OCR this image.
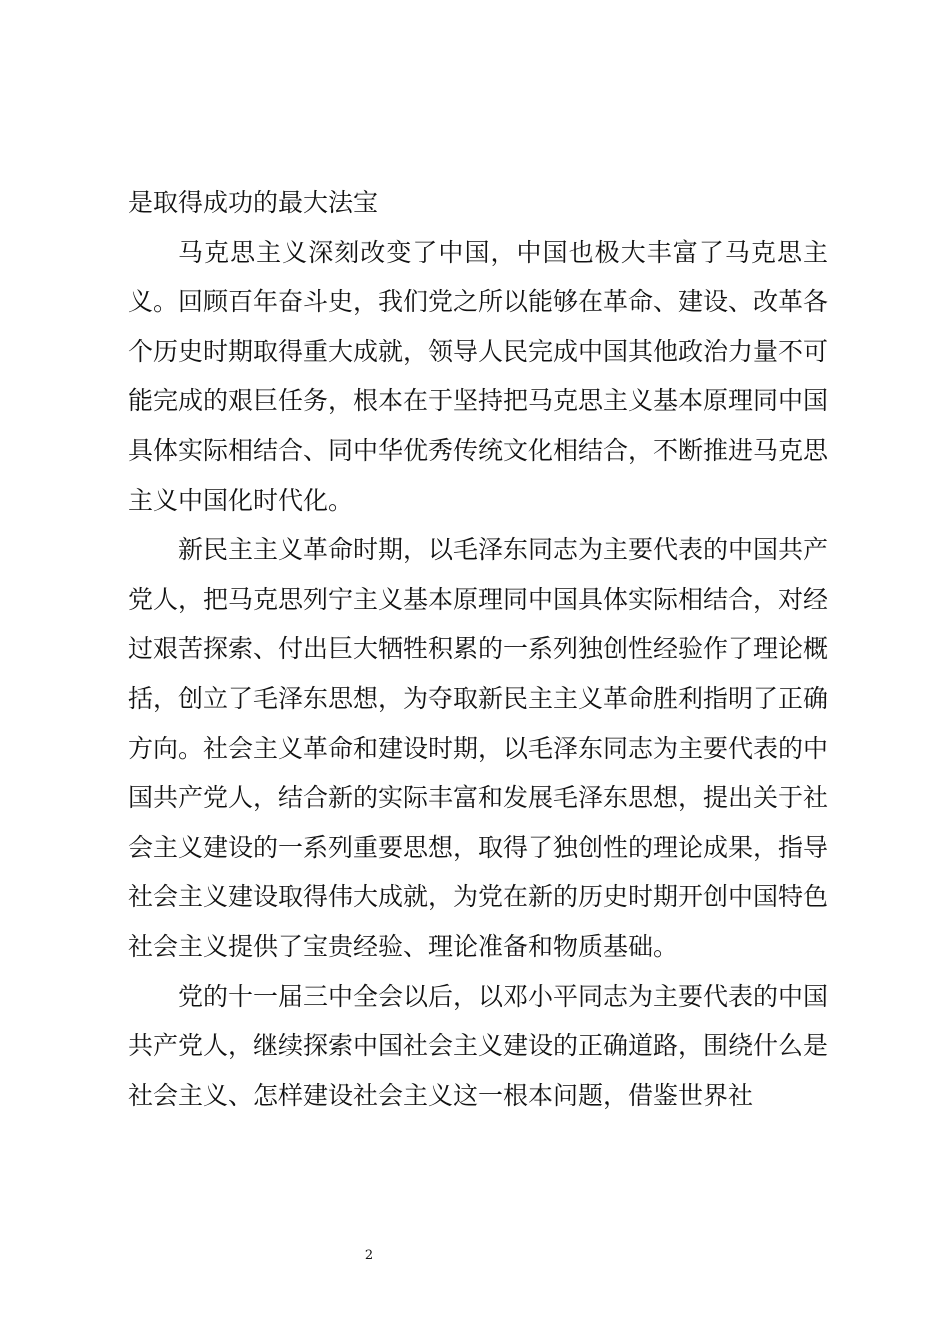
是取得成功的最大法宝

马克思主义深刻改变了中国，中国也极大丰富了马克思主义。回顾百年奋斗史，我们党之所以能够在革命、建设、改革各个历史时期取得重大成就，领导人民完成中国其他政治力量不可能完成的艰巨任务，根本在于坚持把马克思主义基本原理同中国具体实际相结合、同中华优秀传统文化相结合，不断推进马克思主义中国化时代化。

新民主主义革命时期，以毛泽东同志为主要代表的中国共产党人，把马克思列宁主义基本原理同中国具体实际相结合，对经过艰苦探索、付出巨大牺牲积累的一系列独创性经验作了理论概括，创立了毛泽东思想，为夺取新民主主义革命胜利指明了正确方向。社会主义革命和建设时期，以毛泽东同志为主要代表的中国共产党人，结合新的实际丰富和发展毛泽东思想，提出关于社会主义建设的一系列重要思想，取得了独创性的理论成果，指导社会主义建设取得伟大成就，为党在新的历史时期开创中国特色社会主义提供了宝贵经验、理论准备和物质基础。

党的十一届三中全会以后，以邓小平同志为主要代表的中国共产党人，继续探索中国社会主义建设的正确道路，围绕什么是社会主义、怎样建设社会主义这一根本问题，借鉴世界社

2
